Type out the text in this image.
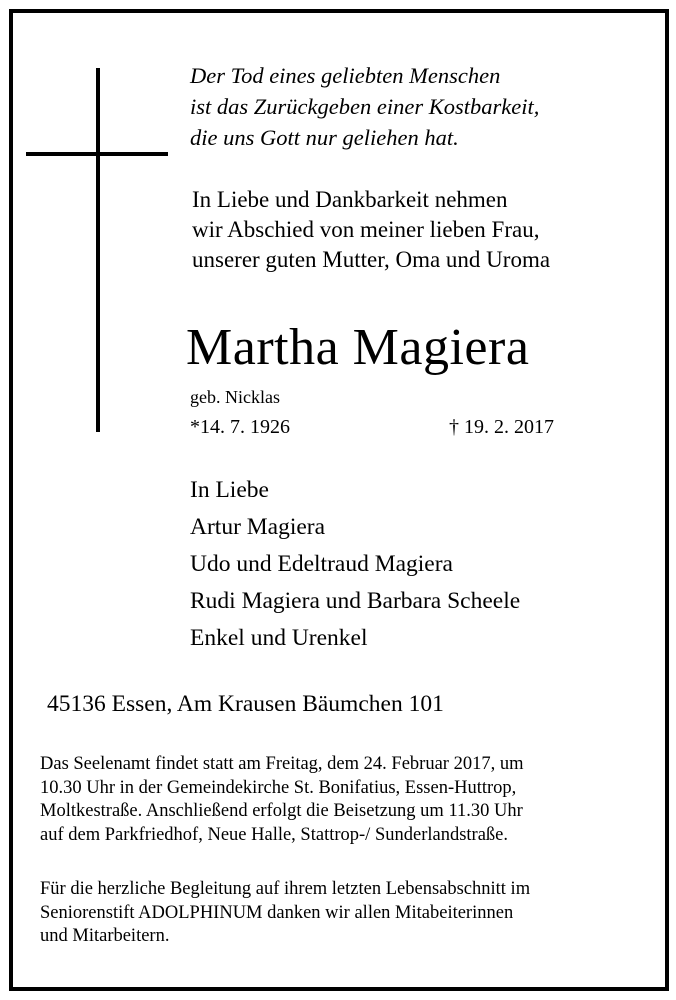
Der Tod eines geliebten Menschen
ist das Zurückgeben einer Kostbarkeit,
die uns Gott nur geliehen hat.
In Liebe und Dankbarkeit nehmen
wir Abschied von meiner lieben Frau,
unserer guten Mutter, Oma und Uroma
Martha Magiera
geb. Nicklas
*14. 7. 1926	† 19. 2. 2017
In Liebe
Artur Magiera
Udo und Edeltraud Magiera
Rudi Magiera und Barbara Scheele
Enkel und Urenkel
45136 Essen, Am Krausen Bäumchen 101
Das Seelenamt findet statt am Freitag, dem 24. Februar 2017, um
10.30 Uhr in der Gemeindekirche St. Bonifatius, Essen-Huttrop,
Moltkestraße. Anschließend erfolgt die Beisetzung um 11.30 Uhr
auf dem Parkfriedhof, Neue Halle, Stattrop-/ Sunderlandstraße.
Für die herzliche Begleitung auf ihrem letzten Lebensabschnitt im
Seniorenstift ADOLPHINUM danken wir allen Mitabeiterinnen
und Mitarbeitern.
